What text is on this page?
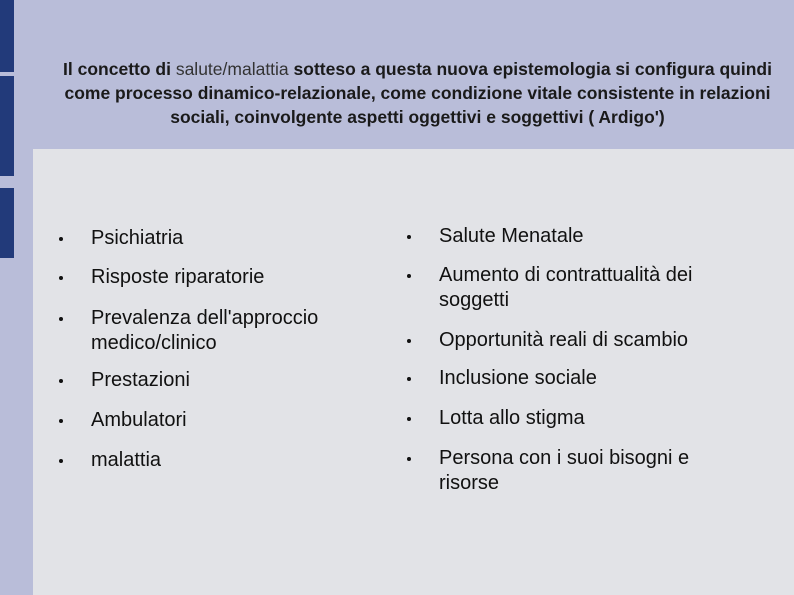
Il concetto di salute/malattia sotteso a questa nuova epistemologia si configura quindi come processo dinamico-relazionale, come condizione vitale consistente in relazioni sociali, coinvolgente aspetti oggettivi e soggettivi ( Ardigo')
Psichiatria
Risposte riparatorie
Prevalenza dell'approccio medico/clinico
Prestazioni
Ambulatori
malattia
Salute Menatale
Aumento di contrattualità dei soggetti
Opportunità reali di scambio
Inclusione sociale
Lotta allo stigma
Persona con i suoi bisogni e risorse
